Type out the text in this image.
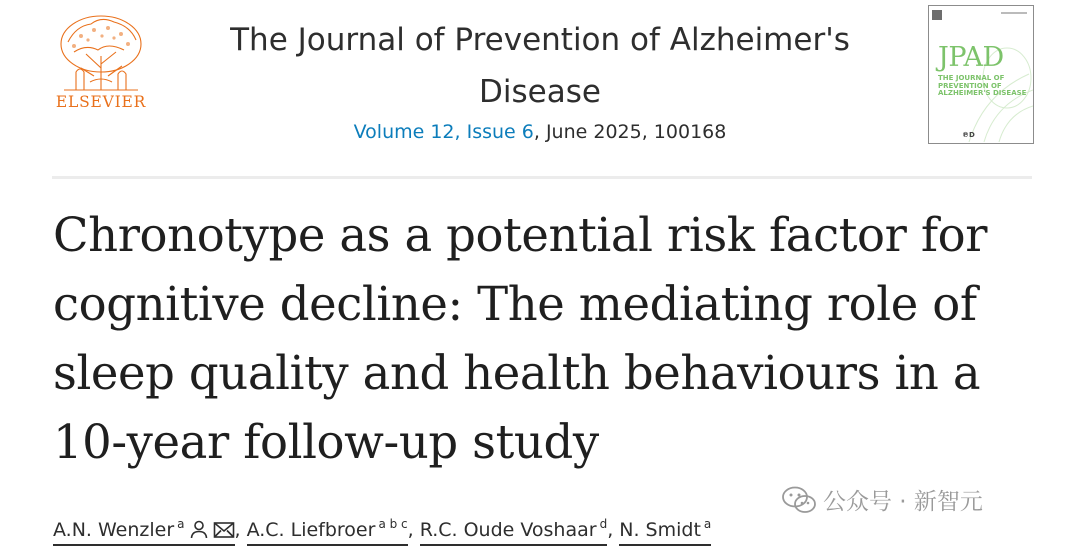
ELSEVIER
The Journal of Prevention of Alzheimer's Disease
Volume 12, Issue 6, June 2025, 100168
JPAD
THE JOURNAL OF PREVENTION OF ALZHEIMER'S DISEASE
℗D
Chronotype as a potential risk factor for
cognitive decline: The mediating role of
sleep quality and health behaviours in a
10-year follow-up study
A.N. Wenzler $^a$	, A.C. Liefbroer $^{a b c}$, R.C. Oude Voshaar $^d$, N. Smidt $^a$
公众号 · 新智元
